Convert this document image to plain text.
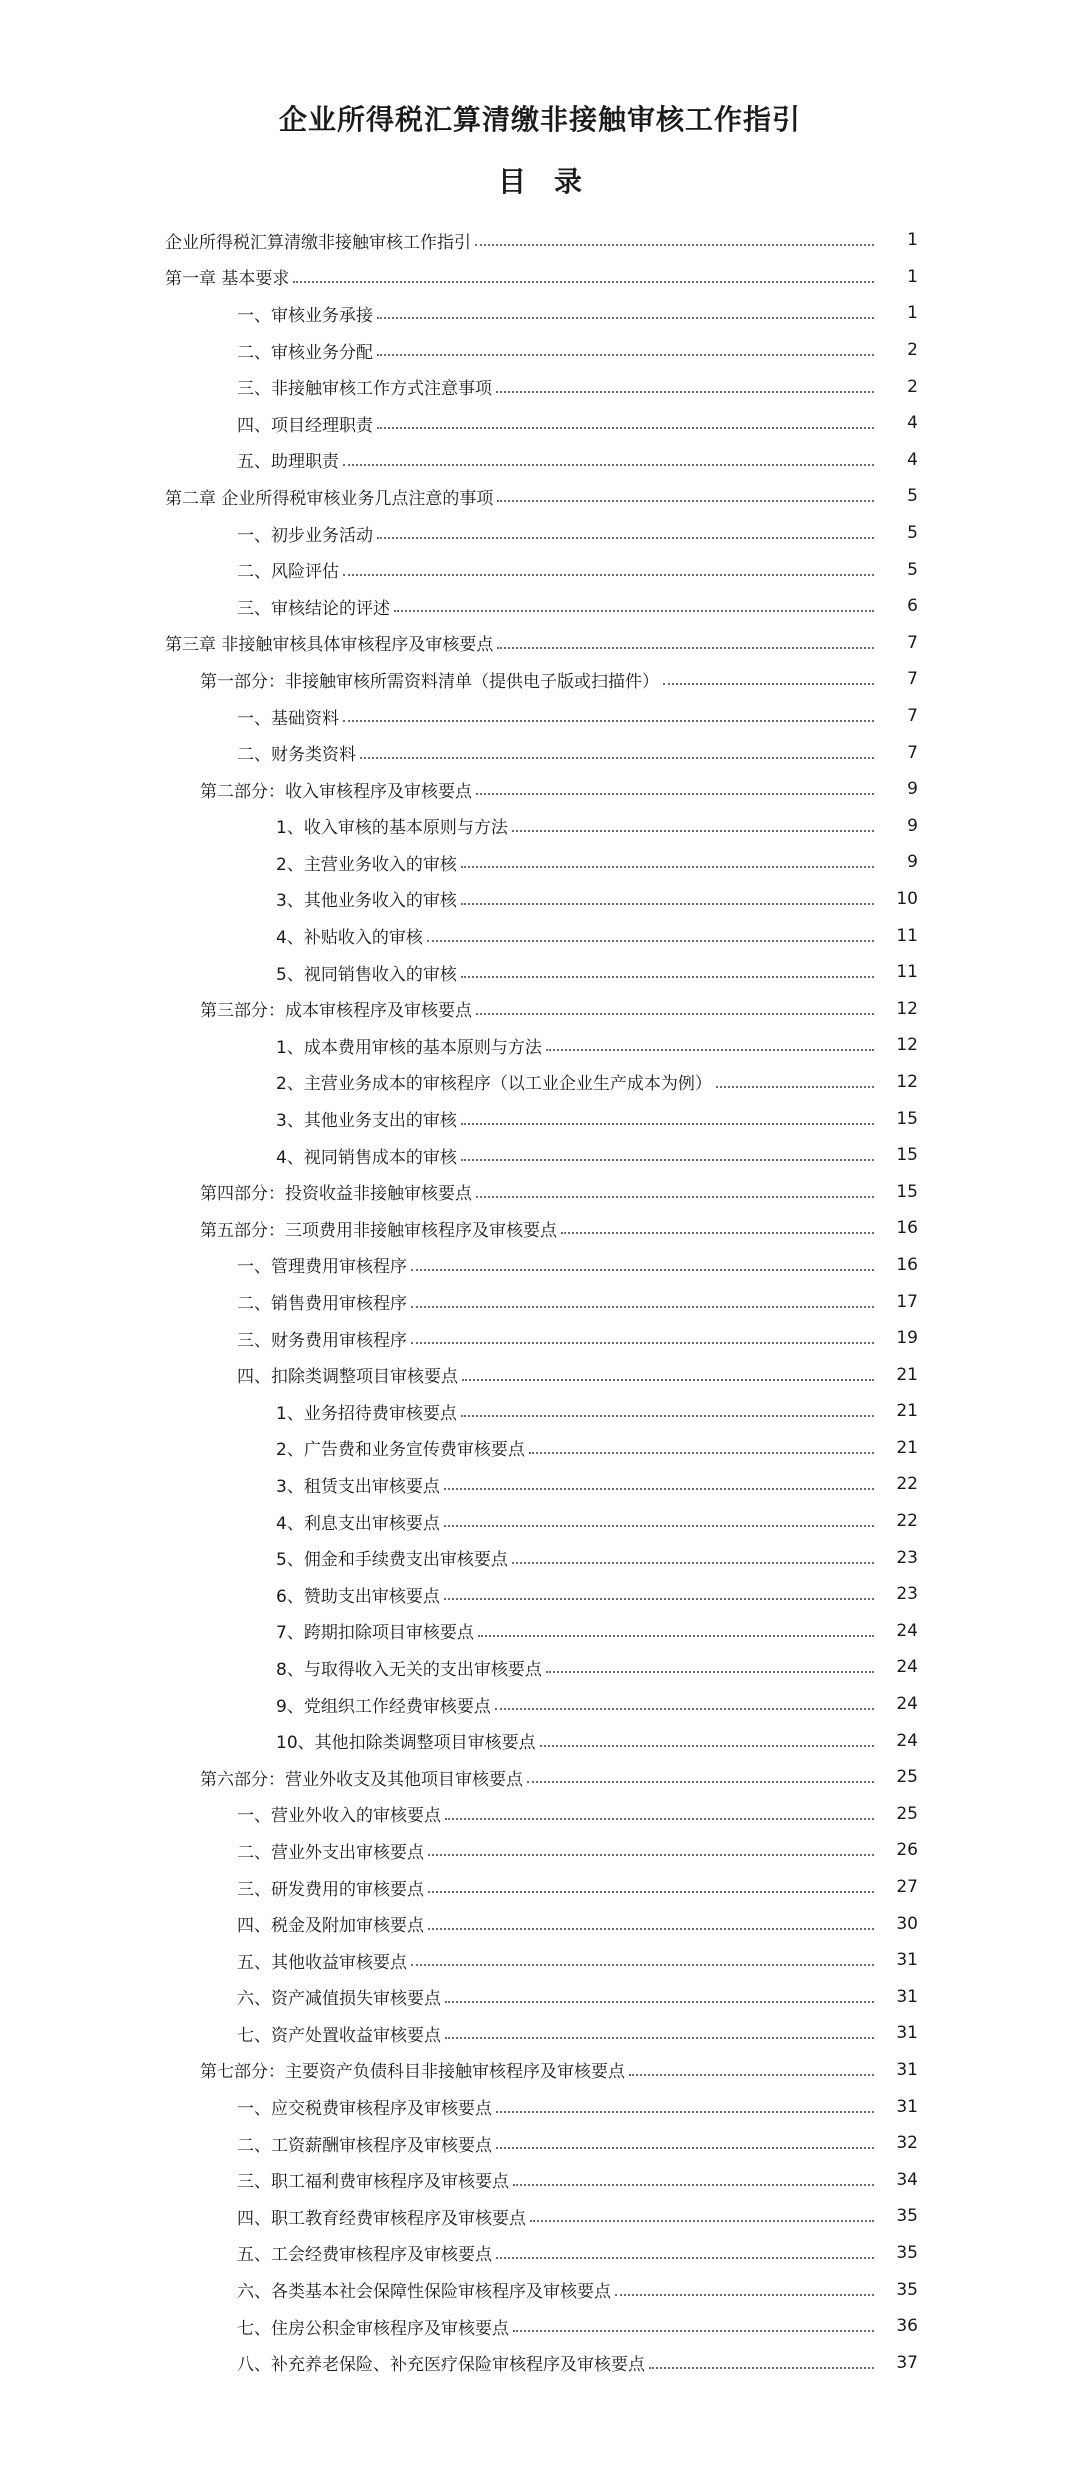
企业所得税汇算清缴非接触审核工作指引
目　录
企业所得税汇算清缴非接触审核工作指引	1
第一章 基本要求	1
一、审核业务承接	1
二、审核业务分配	2
三、非接触审核工作方式注意事项	2
四、项目经理职责	4
五、助理职责	4
第二章 企业所得税审核业务几点注意的事项	5
一、初步业务活动	5
二、风险评估	5
三、审核结论的评述	6
第三章 非接触审核具体审核程序及审核要点	7
第一部分：非接触审核所需资料清单（提供电子版或扫描件）	7
一、基础资料	7
二、财务类资料	7
第二部分：收入审核程序及审核要点	9
1、收入审核的基本原则与方法	9
2、主营业务收入的审核	9
3、其他业务收入的审核	10
4、补贴收入的审核	11
5、视同销售收入的审核	11
第三部分：成本审核程序及审核要点	12
1、成本费用审核的基本原则与方法	12
2、主营业务成本的审核程序（以工业企业生产成本为例）	12
3、其他业务支出的审核	15
4、视同销售成本的审核	15
第四部分：投资收益非接触审核要点	15
第五部分：三项费用非接触审核程序及审核要点	16
一、管理费用审核程序	16
二、销售费用审核程序	17
三、财务费用审核程序	19
四、扣除类调整项目审核要点	21
1、业务招待费审核要点	21
2、广告费和业务宣传费审核要点	21
3、租赁支出审核要点	22
4、利息支出审核要点	22
5、佣金和手续费支出审核要点	23
6、赞助支出审核要点	23
7、跨期扣除项目审核要点	24
8、与取得收入无关的支出审核要点	24
9、党组织工作经费审核要点	24
10、其他扣除类调整项目审核要点	24
第六部分：营业外收支及其他项目审核要点	25
一、营业外收入的审核要点	25
二、营业外支出审核要点	26
三、研发费用的审核要点	27
四、税金及附加审核要点	30
五、其他收益审核要点	31
六、资产减值损失审核要点	31
七、资产处置收益审核要点	31
第七部分：主要资产负债科目非接触审核程序及审核要点	31
一、应交税费审核程序及审核要点	31
二、工资薪酬审核程序及审核要点	32
三、职工福利费审核程序及审核要点	34
四、职工教育经费审核程序及审核要点	35
五、工会经费审核程序及审核要点	35
六、各类基本社会保障性保险审核程序及审核要点	35
七、住房公积金审核程序及审核要点	36
八、补充养老保险、补充医疗保险审核程序及审核要点	37
